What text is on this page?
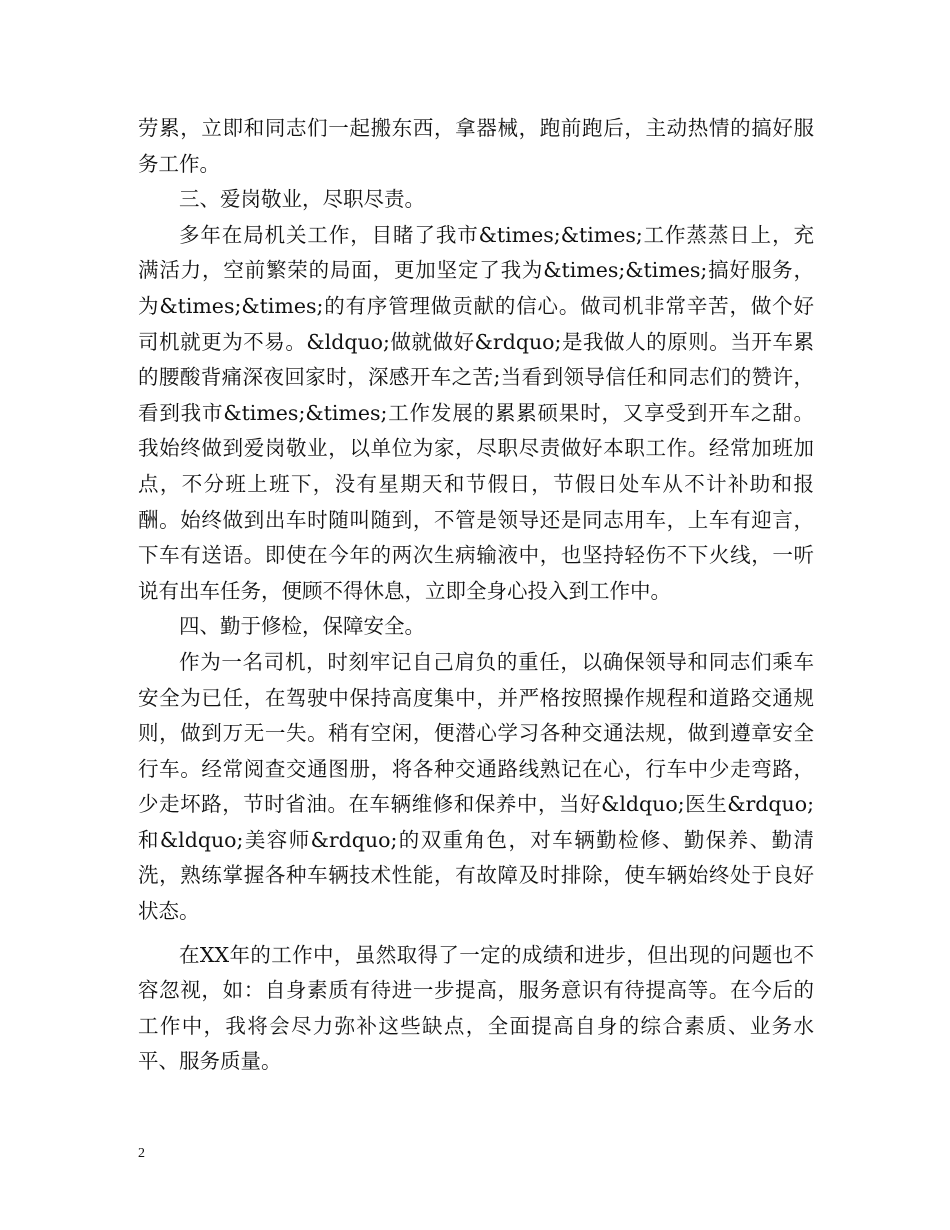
劳累，立即和同志们一起搬东西，拿器械，跑前跑后，主动热情的搞好服务工作。

三、爱岗敬业，尽职尽责。

多年在局机关工作，目睹了我市&times;&times;工作蒸蒸日上，充满活力，空前繁荣的局面，更加坚定了我为&times;&times;搞好服务，为&times;&times;的有序管理做贡献的信心。做司机非常辛苦，做个好司机就更为不易。&ldquo;做就做好&rdquo;是我做人的原则。当开车累的腰酸背痛深夜回家时，深感开车之苦;当看到领导信任和同志们的赞许，看到我市&times;&times;工作发展的累累硕果时，又享受到开车之甜。我始终做到爱岗敬业，以单位为家，尽职尽责做好本职工作。经常加班加点，不分班上班下，没有星期天和节假日，节假日处车从不计补助和报酬。始终做到出车时随叫随到，不管是领导还是同志用车，上车有迎言，下车有送语。即使在今年的两次生病输液中，也坚持轻伤不下火线，一听说有出车任务，便顾不得休息，立即全身心投入到工作中。

四、勤于修检，保障安全。

作为一名司机，时刻牢记自己肩负的重任，以确保领导和同志们乘车安全为已任，在驾驶中保持高度集中，并严格按照操作规程和道路交通规则，做到万无一失。稍有空闲，便潜心学习各种交通法规，做到遵章安全行车。经常阅查交通图册，将各种交通路线熟记在心，行车中少走弯路，少走坏路，节时省油。在车辆维修和保养中，当好&ldquo;医生&rdquo;和&ldquo;美容师&rdquo;的双重角色，对车辆勤检修、勤保养、勤清洗，熟练掌握各种车辆技术性能，有故障及时排除，使车辆始终处于良好状态。

在XX年的工作中，虽然取得了一定的成绩和进步，但出现的问题也不容忽视，如：自身素质有待进一步提高，服务意识有待提高等。在今后的工作中，我将会尽力弥补这些缺点，全面提高自身的综合素质、业务水平、服务质量。

2
